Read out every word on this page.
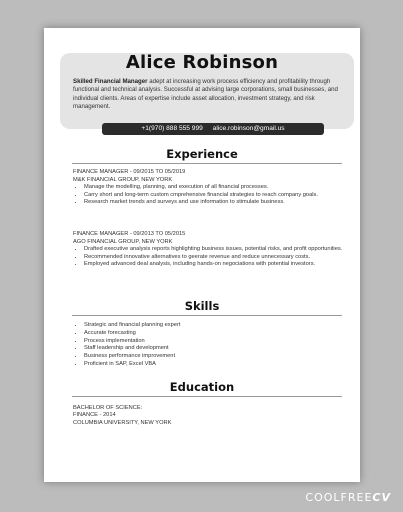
Alice Robinson
Skilled Financial Manager adept at increasing work process efficiency and profitability through functional and technical analysis. Successful at advising large corporations, small businesses, and individual clients. Areas of expertise include asset allocation, investment strategy, and risk management.
+1(970) 888 555 999 alice.robinson@gmail.us
Experience
FINANCE MANAGER - 09/2015 TO 05/2019
M&K FINANCIAL GROUP, NEW YORK
• Manage the modelling, planning, and execution of all financial processes.
• Carry short and long-term custom cmprehensive financial strategies to reach company goals.
• Research market trends and surveys and use information to stimulate business.
FINANCE MANAGER - 09/2013 TO 05/2015
AGO FINANCIAL GROUP, NEW YORK
• Drafted executive analysis reports highlighting business issues, potential risks, and profit opportunities.
• Recommended innovative alternatives to geerate revenue and reduce unnecessary costs.
• Employed advanced deal analysis, including hands-on negociations with potential investors.
Skills
• Strategic and financial planning expert
• Accurate forecasting
• Process implementation
• Staff leadership and development
• Business performance improvement
• Proficient in SAP, Excel VBA
Education
BACHELOR OF SCIENCE:
FINANCE - 2014
COLUMBIA UNIVERSITY, NEW YORK
COOLFREECV
